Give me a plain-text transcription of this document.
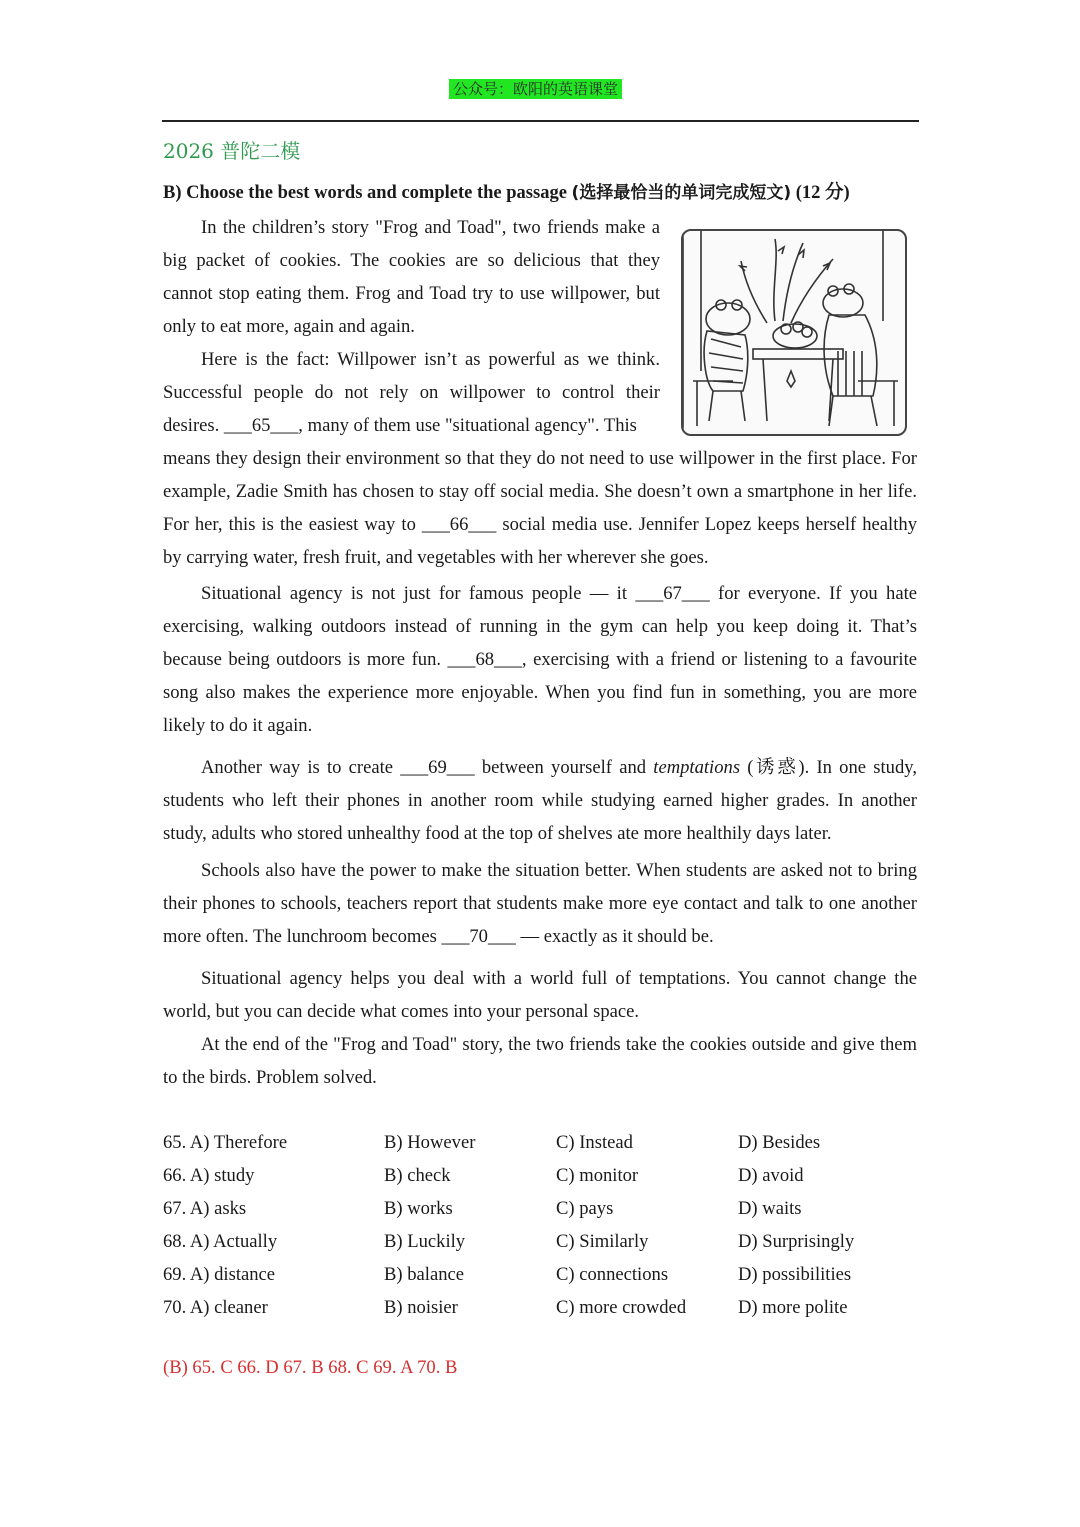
公众号：欧阳的英语课堂
2026 普陀二模
B) Choose the best words and complete the passage (选择最恰当的单词完成短文) (12 分)

In the children’s story "Frog and Toad", two friends make a big packet of cookies. The cookies are so delicious that they cannot stop eating them. Frog and Toad try to use willpower, but only to eat more, again and again.

Here is the fact: Willpower isn’t as powerful as we think. Successful people do not rely on willpower to control their desires. ___65___, many of them use "situational agency". This

means they design their environment so that they do not need to use willpower in the first place. For example, Zadie Smith has chosen to stay off social media. She doesn’t own a smartphone in her life. For her, this is the easiest way to ___66___ social media use. Jennifer Lopez keeps herself healthy by carrying water, fresh fruit, and vegetables with her wherever she goes.

Situational agency is not just for famous people — it ___67___ for everyone. If you hate exercising, walking outdoors instead of running in the gym can help you keep doing it. That’s because being outdoors is more fun. ___68___, exercising with a friend or listening to a favourite song also makes the experience more enjoyable. When you find fun in something, you are more likely to do it again.

Another way is to create ___69___ between yourself and temptations (诱惑). In one study, students who left their phones in another room while studying earned higher grades. In another study, adults who stored unhealthy food at the top of shelves ate more healthily days later.

Schools also have the power to make the situation better. When students are asked not to bring their phones to schools, teachers report that students make more eye contact and talk to one another more often. The lunchroom becomes ___70___ — exactly as it should be.

Situational agency helps you deal with a world full of temptations. You cannot change the world, but you can decide what comes into your personal space.

At the end of the "Frog and Toad" story, the two friends take the cookies outside and give them to the birds. Problem solved.

65. A) Therefore	B) However	C) Instead	D) Besides
66. A) study	B) check	C) monitor	D) avoid
67. A) asks	B) works	C) pays	D) waits
68. A) Actually	B) Luckily	C) Similarly	D) Surprisingly
69. A) distance	B) balance	C) connections	D) possibilities
70. A) cleaner	B) noisier	C) more crowded	D) more polite
(B) 65. C 66. D 67. B 68. C 69. A 70. B
